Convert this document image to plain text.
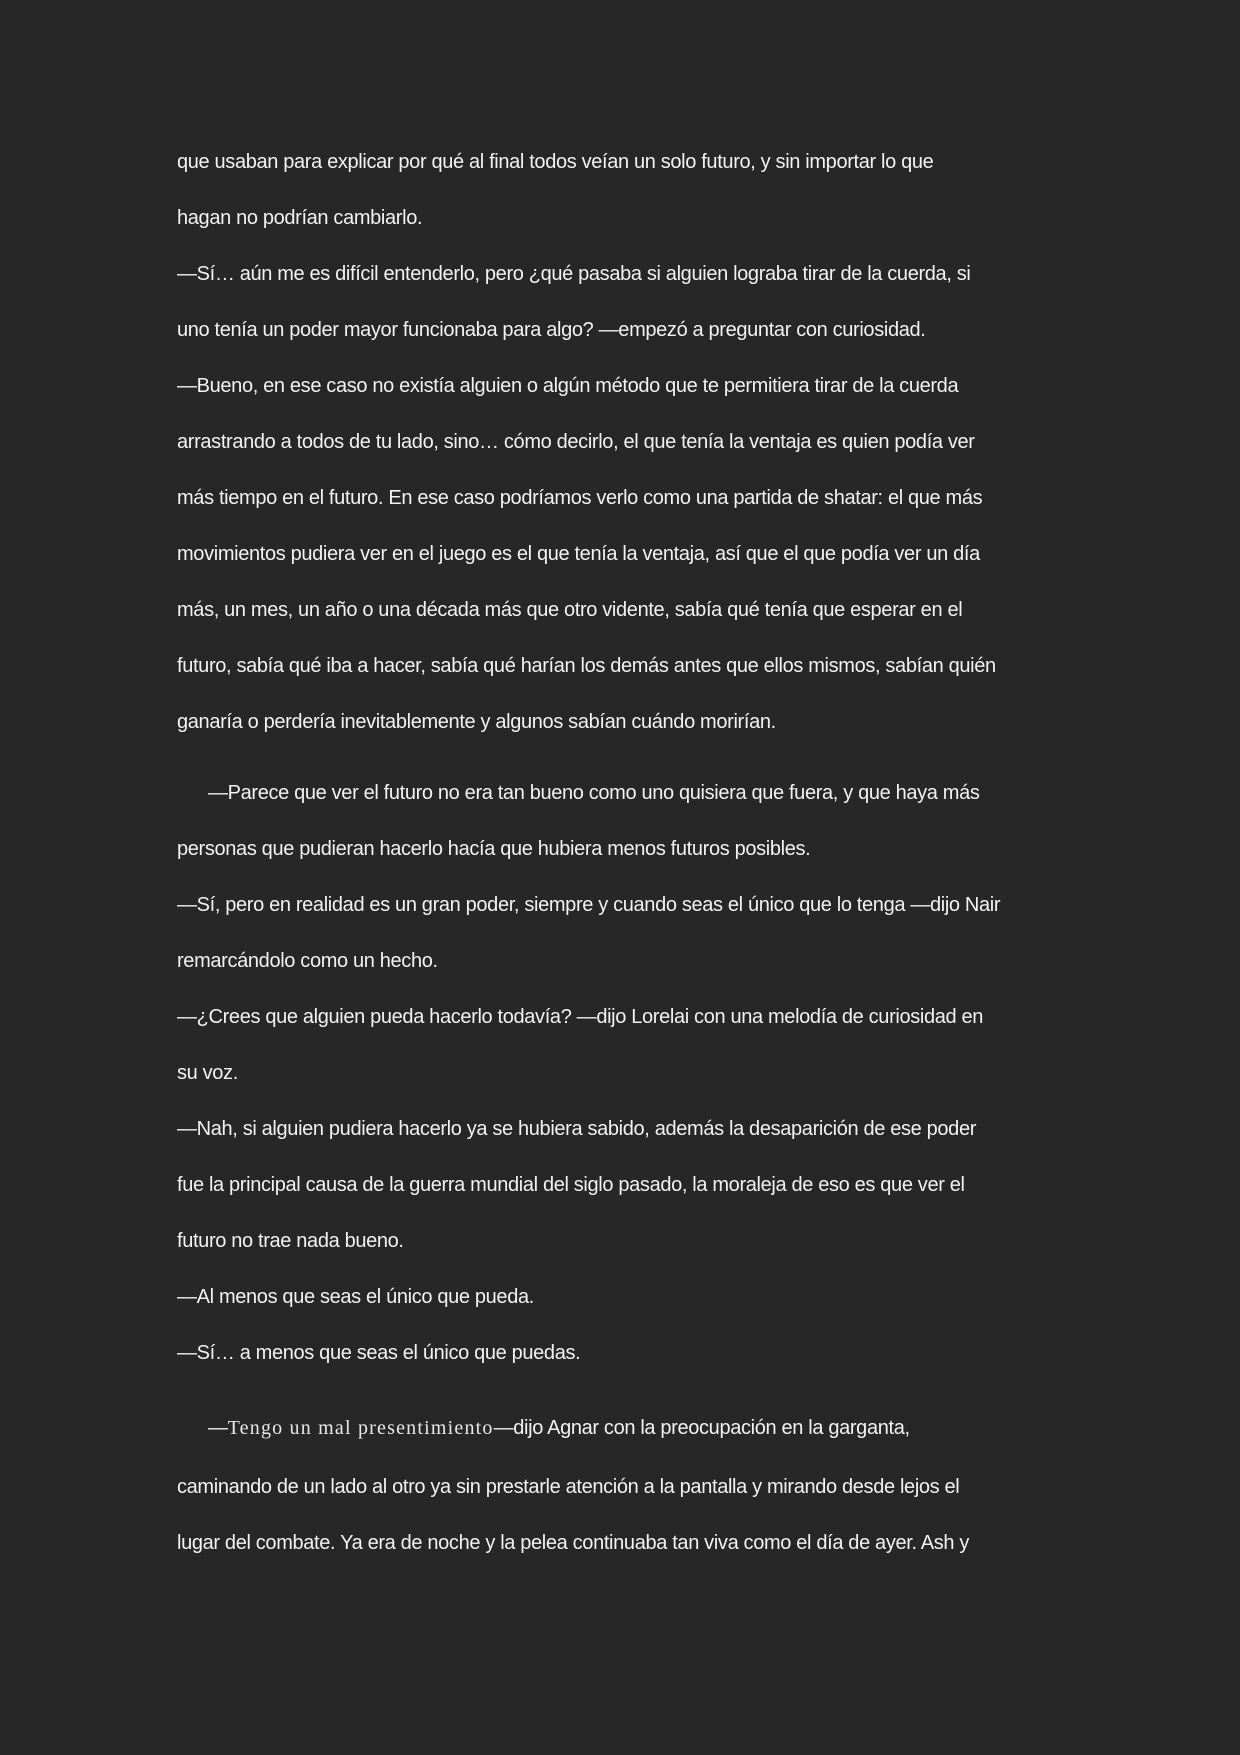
que usaban para explicar por qué al final todos veían un solo futuro, y sin importar lo que
hagan no podrían cambiarlo.
—Sí… aún me es difícil entenderlo, pero ¿qué pasaba si alguien lograba tirar de la cuerda, si
uno tenía un poder mayor funcionaba para algo? —empezó a preguntar con curiosidad.
—Bueno, en ese caso no existía alguien o algún método que te permitiera tirar de la cuerda
arrastrando a todos de tu lado, sino… cómo decirlo, el que tenía la ventaja es quien podía ver
más tiempo en el futuro. En ese caso podríamos verlo como una partida de shatar: el que más
movimientos pudiera ver en el juego es el que tenía la ventaja, así que el que podía ver un día
más, un mes, un año o una década más que otro vidente, sabía qué tenía que esperar en el
futuro, sabía qué iba a hacer, sabía qué harían los demás antes que ellos mismos, sabían quién
ganaría o perdería inevitablemente y algunos sabían cuándo morirían.
—Parece que ver el futuro no era tan bueno como uno quisiera que fuera, y que haya más
personas que pudieran hacerlo hacía que hubiera menos futuros posibles.
—Sí, pero en realidad es un gran poder, siempre y cuando seas el único que lo tenga —dijo Nair
remarcándolo como un hecho.
—¿Crees que alguien pueda hacerlo todavía? —dijo Lorelai con una melodía de curiosidad en
su voz.
—Nah, si alguien pudiera hacerlo ya se hubiera sabido, además la desaparición de ese poder
fue la principal causa de la guerra mundial del siglo pasado, la moraleja de eso es que ver el
futuro no trae nada bueno.
—Al menos que seas el único que pueda.
—Sí… a menos que seas el único que puedas.
—Tengo un mal presentimiento—dijo Agnar con la preocupación en la garganta,
caminando de un lado al otro ya sin prestarle atención a la pantalla y mirando desde lejos el
lugar del combate. Ya era de noche y la pelea continuaba tan viva como el día de ayer. Ash y
